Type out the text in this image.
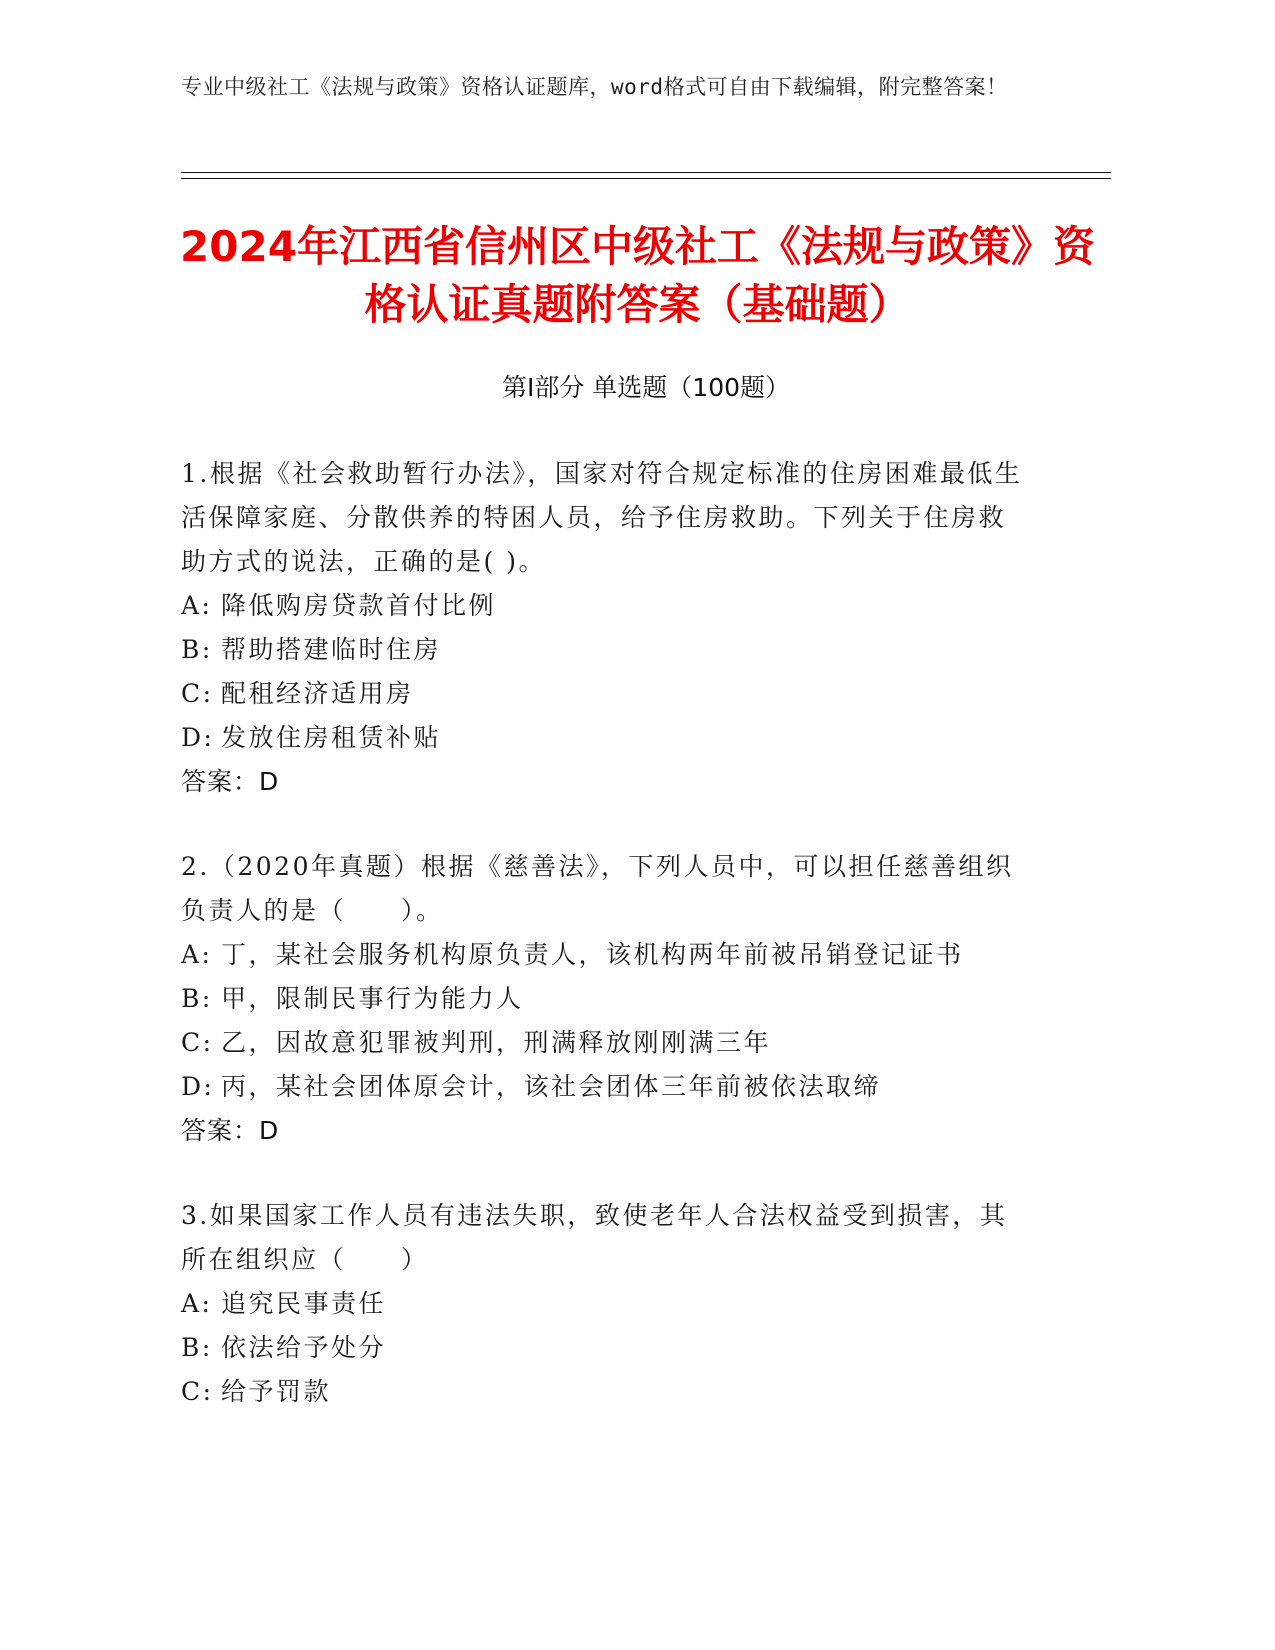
专业中级社工《法规与政策》资格认证题库，word格式可自由下载编辑，附完整答案！
2024年江西省信州区中级社工《法规与政策》资格认证真题附答案（基础题）
第I部分 单选题（100题）
1.根据《社会救助暂行办法》，国家对符合规定标准的住房困难最低生活保障家庭、分散供养的特困人员，给予住房救助。下列关于住房救助方式的说法，正确的是( )。
A: 降低购房贷款首付比例
B: 帮助搭建临时住房
C: 配租经济适用房
D: 发放住房租赁补贴
答案：D
2.（2020年真题）根据《慈善法》，下列人员中，可以担任慈善组织负责人的是（　　）。
A: 丁，某社会服务机构原负责人，该机构两年前被吊销登记证书
B: 甲，限制民事行为能力人
C: 乙，因故意犯罪被判刑，刑满释放刚刚满三年
D: 丙，某社会团体原会计，该社会团体三年前被依法取缔
答案：D
3.如果国家工作人员有违法失职，致使老年人合法权益受到损害，其所在组织应（　　）
A: 追究民事责任
B: 依法给予处分
C: 给予罚款
